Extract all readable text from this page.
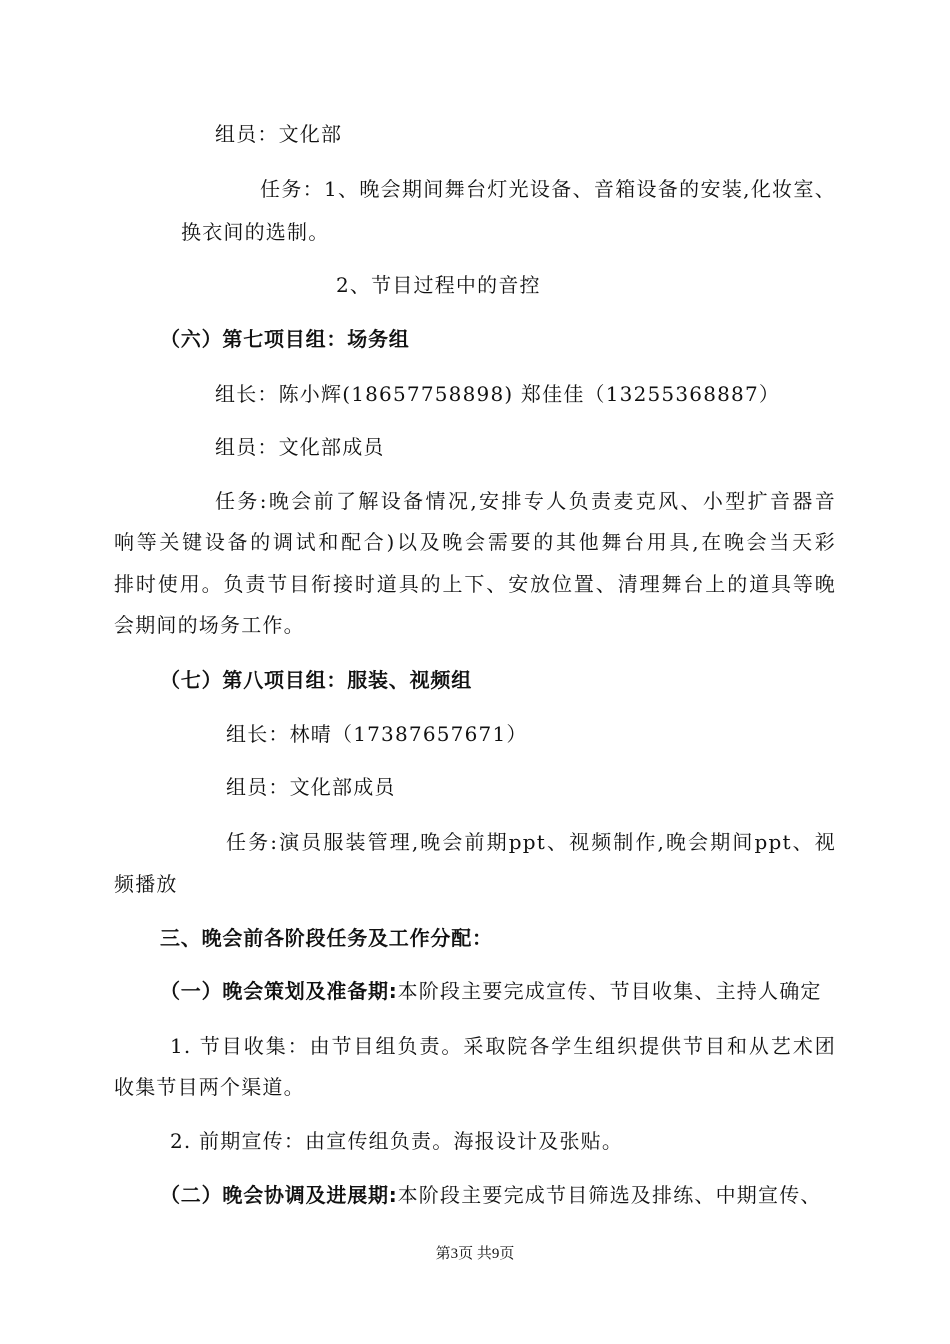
组员：文化部
任务：1、晚会期间舞台灯光设备、音箱设备的安装,化妆室、
换衣间的选制。
2、节目过程中的音控
（六）第七项目组：场务组
组长：陈小辉(18657758898) 郑佳佳（13255368887）
组员：文化部成员
任务:晚会前了解设备情况,安排专人负责麦克风、小型扩音器音
响等关键设备的调试和配合)以及晚会需要的其他舞台用具,在晚会当天彩
排时使用。负责节目衔接时道具的上下、安放位置、清理舞台上的道具等晚
会期间的场务工作。
（七）第八项目组：服装、视频组
组长：林晴（17387657671）
组员：文化部成员
任务:演员服装管理,晚会前期ppt、视频制作,晚会期间ppt、视
频播放
三、晚会前各阶段任务及工作分配：
（一）晚会策划及准备期:本阶段主要完成宣传、节目收集、主持人确定
1. 节目收集：由节目组负责。采取院各学生组织提供节目和从艺术团
收集节目两个渠道。
2. 前期宣传：由宣传组负责。海报设计及张贴。
（二）晚会协调及进展期:本阶段主要完成节目筛选及排练、中期宣传、
第3页 共9页
